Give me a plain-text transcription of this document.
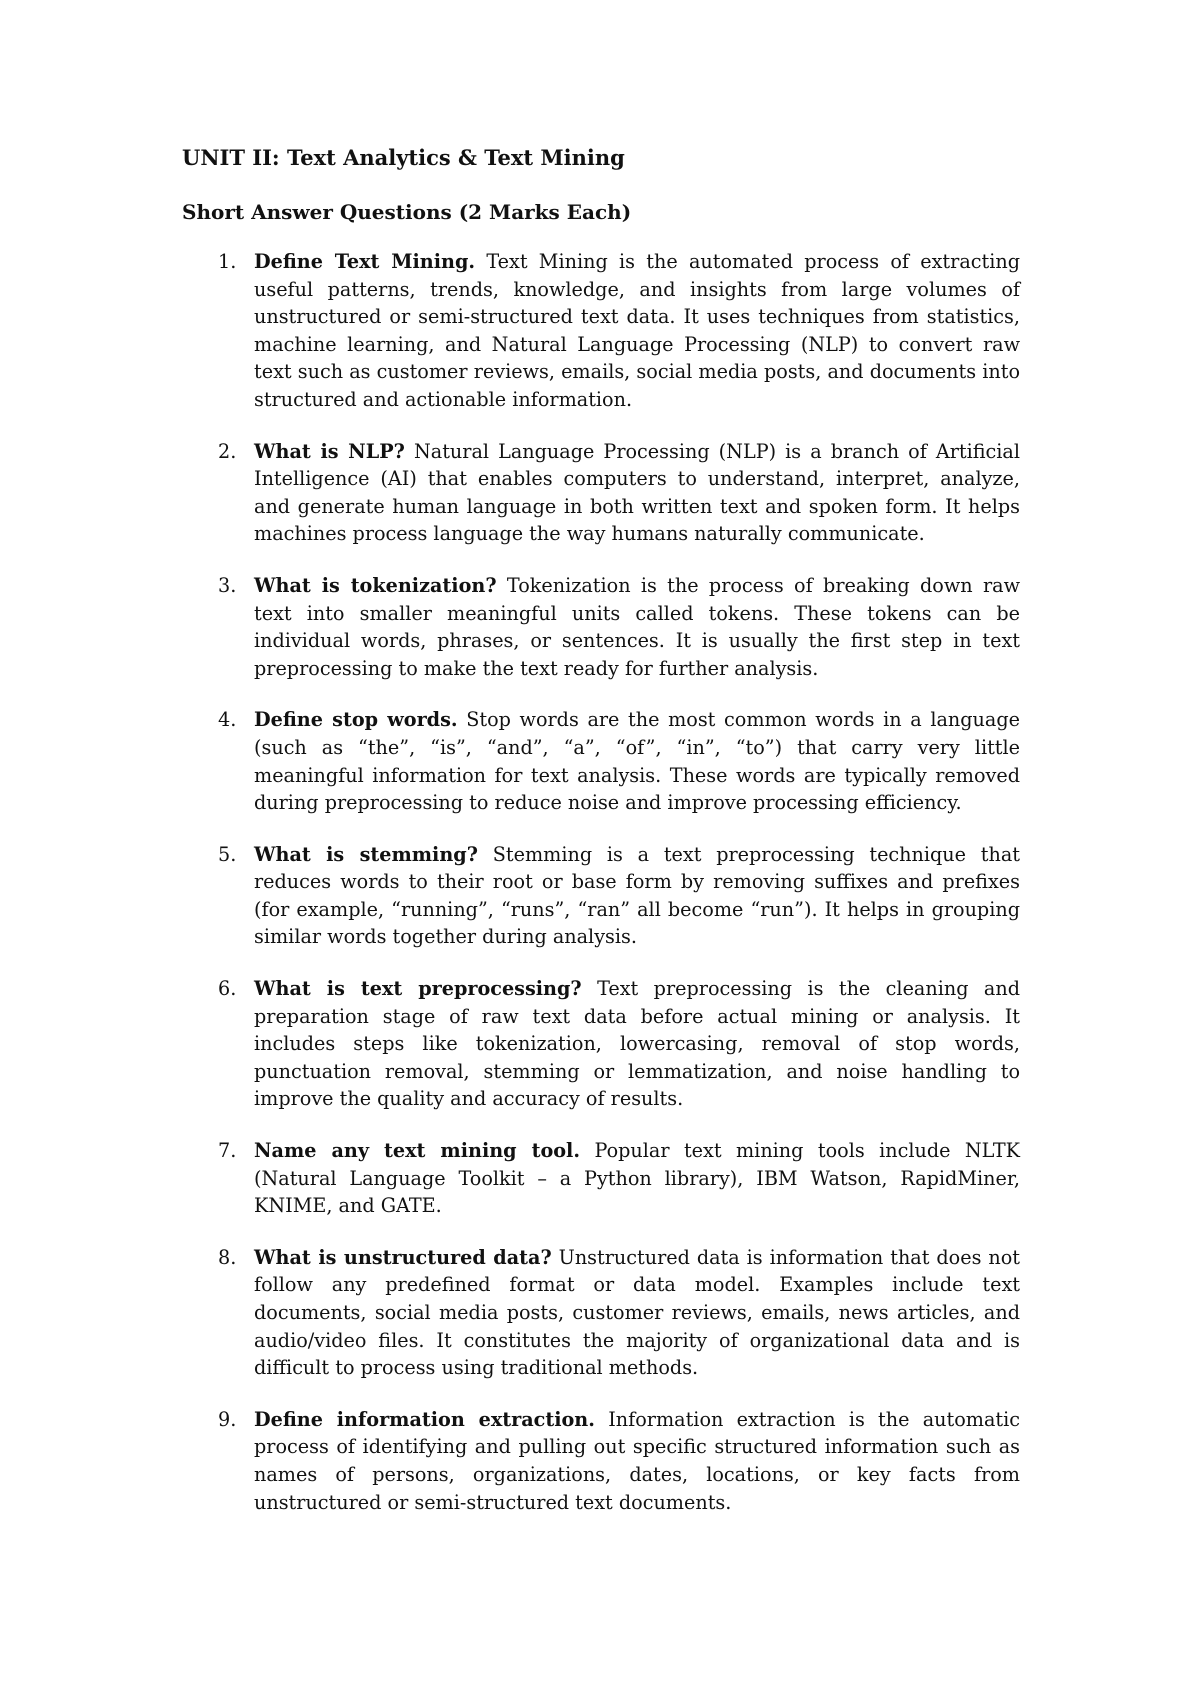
UNIT II: Text Analytics & Text Mining
Short Answer Questions (2 Marks Each)
1. Define Text Mining. Text Mining is the automated process of extracting useful patterns, trends, knowledge, and insights from large volumes of unstructured or semi-structured text data. It uses techniques from statistics, machine learning, and Natural Language Processing (NLP) to convert raw text such as customer reviews, emails, social media posts, and documents into structured and actionable information.
2. What is NLP? Natural Language Processing (NLP) is a branch of Artificial Intelligence (AI) that enables computers to understand, interpret, analyze, and generate human language in both written text and spoken form. It helps machines process language the way humans naturally communicate.
3. What is tokenization? Tokenization is the process of breaking down raw text into smaller meaningful units called tokens. These tokens can be individual words, phrases, or sentences. It is usually the first step in text preprocessing to make the text ready for further analysis.
4. Define stop words. Stop words are the most common words in a language (such as “the”, “is”, “and”, “a”, “of”, “in”, “to”) that carry very little meaningful information for text analysis. These words are typically removed during preprocessing to reduce noise and improve processing efficiency.
5. What is stemming? Stemming is a text preprocessing technique that reduces words to their root or base form by removing suffixes and prefixes (for example, “running”, “runs”, “ran” all become “run”). It helps in grouping similar words together during analysis.
6. What is text preprocessing? Text preprocessing is the cleaning and preparation stage of raw text data before actual mining or analysis. It includes steps like tokenization, lowercasing, removal of stop words, punctuation removal, stemming or lemmatization, and noise handling to improve the quality and accuracy of results.
7. Name any text mining tool. Popular text mining tools include NLTK (Natural Language Toolkit – a Python library), IBM Watson, RapidMiner, KNIME, and GATE.
8. What is unstructured data? Unstructured data is information that does not follow any predefined format or data model. Examples include text documents, social media posts, customer reviews, emails, news articles, and audio/video files. It constitutes the majority of organizational data and is difficult to process using traditional methods.
9. Define information extraction. Information extraction is the automatic process of identifying and pulling out specific structured information such as names of persons, organizations, dates, locations, or key facts from unstructured or semi-structured text documents.
